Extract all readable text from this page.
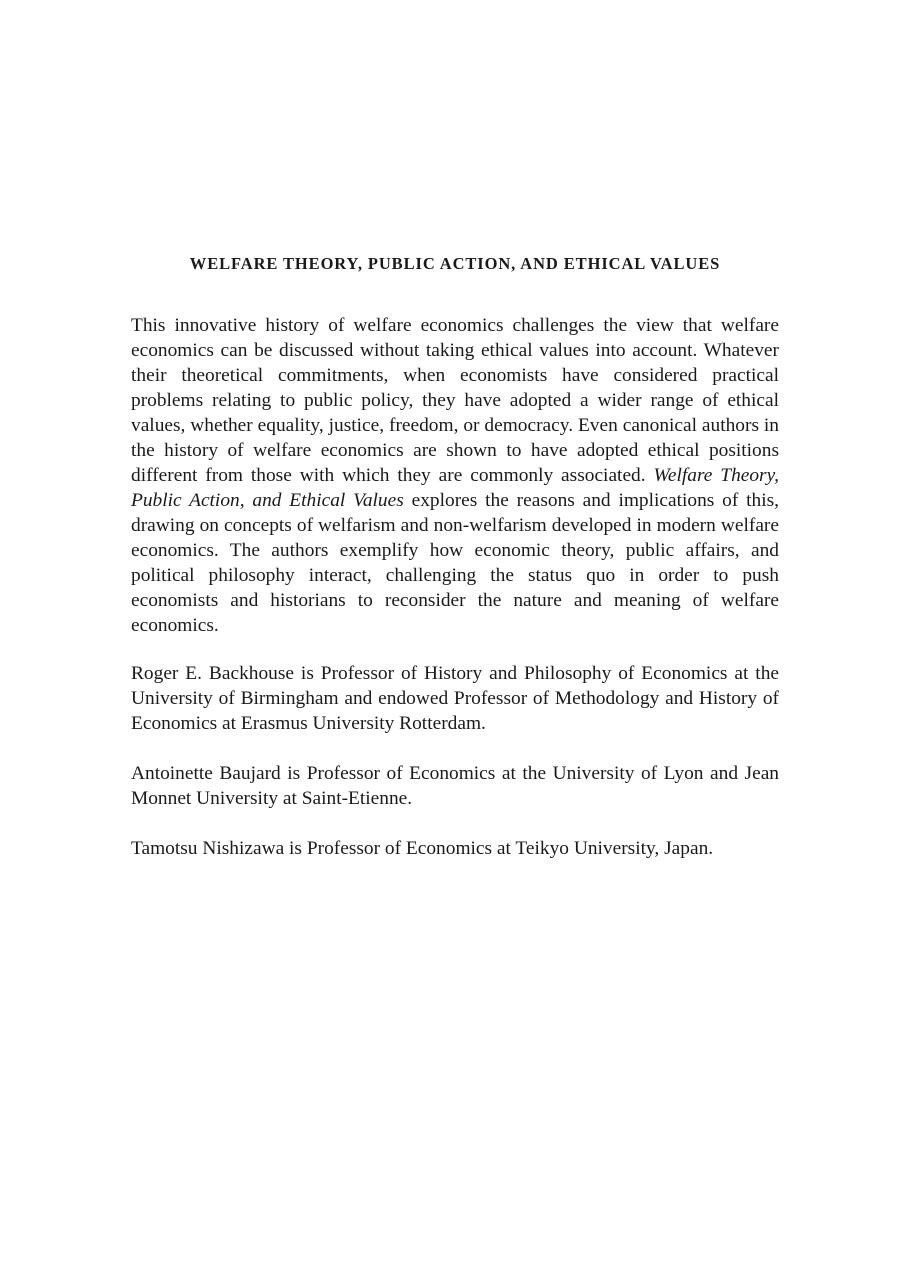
WELFARE THEORY, PUBLIC ACTION, AND ETHICAL VALUES

This innovative history of welfare economics challenges the view that welfare economics can be discussed without taking ethical values into account. Whatever their theoretical commitments, when economists have considered practical problems relating to public policy, they have adopted a wider range of ethical values, whether equality, justice, freedom, or democracy. Even canonical authors in the history of welfare economics are shown to have adopted ethical positions different from those with which they are commonly associated. Welfare Theory, Public Action, and Ethical Values explores the reasons and implications of this, drawing on concepts of welfarism and non-welfarism developed in modern welfare economics. The authors exemplify how economic theory, public affairs, and political philosophy interact, challenging the status quo in order to push economists and historians to reconsider the nature and meaning of welfare economics.

Roger E. Backhouse is Professor of History and Philosophy of Economics at the University of Birmingham and endowed Professor of Methodology and History of Economics at Erasmus University Rotterdam.

Antoinette Baujard is Professor of Economics at the University of Lyon and Jean Monnet University at Saint-Etienne.

Tamotsu Nishizawa is Professor of Economics at Teikyo University, Japan.
